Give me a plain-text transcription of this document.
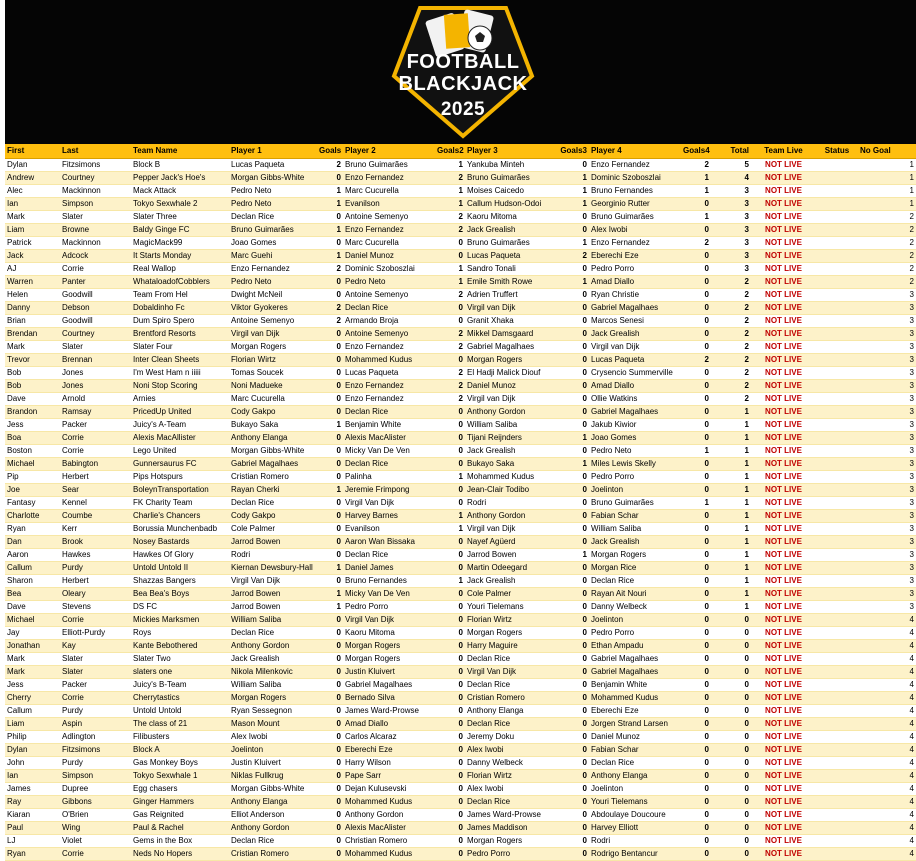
FOOTBALL
BLACKJACK
2025
First	Last	Team Name	Player 1	Goals	Player 2	Goals2	Player 3	Goals3	Player 4	Goals4	Total	Team Live	Status	No Goal
Dylan	Fitzsimons	Block B	Lucas Paqueta	2	Bruno Guimarães	1	Yankuba Minteh	0	Enzo Fernandez	2	5	NOT LIVE		1
Andrew	Courtney	Pepper Jack's Hoe's	Morgan Gibbs-White	0	Enzo Fernandez	2	Bruno Guimarães	1	Dominic Szoboszlai	1	4	NOT LIVE		1
Alec	Mackinnon	Mack Attack	Pedro Neto	1	Marc Cucurella	1	Moises Caicedo	1	Bruno Fernandes	1	3	NOT LIVE		1
Ian	Simpson	Tokyo Sexwhale 2	Pedro Neto	1	Evanilson	1	Callum Hudson-Odoi	1	Georginio Rutter	0	3	NOT LIVE		1
Mark	Slater	Slater Three	Declan Rice	0	Antoine Semenyo	2	Kaoru Mitoma	0	Bruno Guimarães	1	3	NOT LIVE		2
Liam	Browne	Baldy Ginge FC	Bruno Guimarães	1	Enzo Fernandez	2	Jack Grealish	0	Alex Iwobi	0	3	NOT LIVE		2
Patrick	Mackinnon	MagicMack99	Joao Gomes	0	Marc Cucurella	0	Bruno Guimarães	1	Enzo Fernandez	2	3	NOT LIVE		2
Jack	Adcock	It Starts Monday	Marc Guehi	1	Daniel Munoz	0	Lucas Paqueta	2	Eberechi Eze	0	3	NOT LIVE		2
AJ	Corrie	Real Wallop	Enzo Fernandez	2	Dominic Szoboszlai	1	Sandro Tonali	0	Pedro Porro	0	3	NOT LIVE		2
Warren	Panter	WhataloadofCobblers	Pedro Neto	0	Pedro Neto	1	Emile Smith Rowe	1	Amad Diallo	0	2	NOT LIVE		2
Helen	Goodwill	Team From Hel	Dwight McNeil	0	Antoine Semenyo	2	Adrien Truffert	0	Ryan Christie	0	2	NOT LIVE		3
Danny	Debson	Dobaldinho Fc	Viktor Gyokeres	2	Declan Rice	0	Virgil van Dijk	0	Gabriel Magalhaes	0	2	NOT LIVE		3
Brian	Goodwill	Dum Spiro Spero	Antoine Semenyo	2	Armando Broja	0	Granit Xhaka	0	Marcos Senesi	0	2	NOT LIVE		3
Brendan	Courtney	Brentford Resorts	Virgil van Dijk	0	Antoine Semenyo	2	Mikkel Damsgaard	0	Jack Grealish	0	2	NOT LIVE		3
Mark	Slater	Slater Four	Morgan Rogers	0	Enzo Fernandez	2	Gabriel Magalhaes	0	Virgil van Dijk	0	2	NOT LIVE		3
Trevor	Brennan	Inter Clean Sheets	Florian Wirtz	0	Mohammed Kudus	0	Morgan Rogers	0	Lucas Paqueta	2	2	NOT LIVE		3
Bob	Jones	I'm West Ham n iiiii	Tomas Soucek	0	Lucas Paqueta	2	El Hadji Malick Diouf	0	Crysencio Summerville	0	2	NOT LIVE		3
Bob	Jones	Noni Stop Scoring	Noni Madueke	0	Enzo Fernandez	2	Daniel Munoz	0	Amad Diallo	0	2	NOT LIVE		3
Dave	Arnold	Arnies	Marc Cucurella	0	Enzo Fernandez	2	Virgil van Dijk	0	Ollie Watkins	0	2	NOT LIVE		3
Brandon	Ramsay	PricedUp United	Cody Gakpo	0	Declan Rice	0	Anthony Gordon	0	Gabriel Magalhaes	0	1	NOT LIVE		3
Jess	Packer	Juicy's A-Team	Bukayo Saka	1	Benjamin White	0	William Saliba	0	Jakub Kiwior	0	1	NOT LIVE		3
Boa	Corrie	Alexis MacAllister	Anthony Elanga	0	Alexis MacAlister	0	Tijani Reijnders	1	Joao Gomes	0	1	NOT LIVE		3
Boston	Corrie	Lego United	Morgan Gibbs-White	0	Micky Van De Ven	0	Jack Grealish	0	Pedro Neto	1	1	NOT LIVE		3
Michael	Babington	Gunnersaurus FC	Gabriel Magalhaes	0	Declan Rice	0	Bukayo Saka	1	Miles Lewis Skelly	0	1	NOT LIVE		3
Pip	Herbert	Pips Hotspurs	Cristian Romero	0	Palinha	1	Mohammed Kudus	0	Pedro Porro	0	1	NOT LIVE		3
Joe	Sear	BoleynTransportation	Rayan Cherki	1	Jeremie Frimpong	0	Jean-Clair Todibo	0	Joelinton	0	1	NOT LIVE		3
Fantasy	Kennel	FK Charity Team	Declan Rice	0	Virgil Van Dijk	0	Rodri	0	Bruno Guimarães	1	1	NOT LIVE		3
Charlotte	Coumbe	Charlie's Chancers	Cody Gakpo	0	Harvey Barnes	1	Anthony Gordon	0	Fabian Schar	0	1	NOT LIVE		3
Ryan	Kerr	Borussia Munchenbadb	Cole Palmer	0	Evanilson	1	Virgil van Dijk	0	William Saliba	0	1	NOT LIVE		3
Dan	Brook	Nosey Bastards	Jarrod Bowen	0	Aaron Wan Bissaka	0	Nayef Agüerd	0	Jack Grealish	0	1	NOT LIVE		3
Aaron	Hawkes	Hawkes Of Glory	Rodri	0	Declan Rice	0	Jarrod Bowen	1	Morgan Rogers	0	1	NOT LIVE		3
Callum	Purdy	Untold Untold II	Kiernan Dewsbury-Hall	1	Daniel James	0	Martin Odeegard	0	Morgan Rice	0	1	NOT LIVE		3
Sharon	Herbert	Shazzas Bangers	Virgil Van Dijk	0	Bruno Fernandes	1	Jack Grealish	0	Declan Rice	0	1	NOT LIVE		3
Bea	Oleary	Bea Bea's Boys	Jarrod Bowen	1	Micky Van De Ven	0	Cole Palmer	0	Rayan Ait Nouri	0	1	NOT LIVE		3
Dave	Stevens	DS FC	Jarrod Bowen	1	Pedro Porro	0	Youri Tielemans	0	Danny Welbeck	0	1	NOT LIVE		3
Michael	Corrie	Mickies Marksmen	William Saliba	0	Virgil Van Dijk	0	Florian Wirtz	0	Joelinton	0	0	NOT LIVE		4
Jay	Elliott-Purdy	Roys	Declan Rice	0	Kaoru Mitoma	0	Morgan Rogers	0	Pedro Porro	0	0	NOT LIVE		4
Jonathan	Kay	Kante Bebothered	Anthony Gordon	0	Morgan Rogers	0	Harry Maguire	0	Ethan Ampadu	0	0	NOT LIVE		4
Mark	Slater	Slater Two	Jack Grealish	0	Morgan Rogers	0	Declan Rice	0	Gabriel Magalhaes	0	0	NOT LIVE		4
Mark	Slater	slaters one	Nikola Milenkovic	0	Justin Kluivert	0	Virgil Van Dijk	0	Gabriel Magalhaes	0	0	NOT LIVE		4
Jess	Packer	Juicy's B-Team	William Saliba	0	Gabriel Magalhaes	0	Declan Rice	0	Benjamin White	0	0	NOT LIVE		4
Cherry	Corrie	Cherrytastics	Morgan Rogers	0	Bernado Silva	0	Cristian Romero	0	Mohammed Kudus	0	0	NOT LIVE		4
Callum	Purdy	Untold Untold	Ryan Sessegnon	0	James Ward-Prowse	0	Anthony Elanga	0	Eberechi Eze	0	0	NOT LIVE		4
Liam	Aspin	The class of 21	Mason Mount	0	Amad Diallo	0	Declan Rice	0	Jorgen Strand Larsen	0	0	NOT LIVE		4
Philip	Adlington	Filibusters	Alex Iwobi	0	Carlos Alcaraz	0	Jeremy Doku	0	Daniel Munoz	0	0	NOT LIVE		4
Dylan	Fitzsimons	Block A	Joelinton	0	Eberechi Eze	0	Alex Iwobi	0	Fabian Schar	0	0	NOT LIVE		4
John	Purdy	Gas Monkey Boys	Justin Kluivert	0	Harry Wilson	0	Danny Welbeck	0	Declan Rice	0	0	NOT LIVE		4
Ian	Simpson	Tokyo Sexwhale 1	Niklas Fullkrug	0	Pape Sarr	0	Florian Wirtz	0	Anthony Elanga	0	0	NOT LIVE		4
James	Dupree	Egg chasers	Morgan Gibbs-White	0	Dejan Kulusevski	0	Alex Iwobi	0	Joelinton	0	0	NOT LIVE		4
Ray	Gibbons	Ginger Hammers	Anthony Elanga	0	Mohammed Kudus	0	Declan Rice	0	Youri Tielemans	0	0	NOT LIVE		4
Kiaran	O'Brien	Gas Reignited	Elliot Anderson	0	Anthony Gordon	0	James Ward-Prowse	0	Abdoulaye Doucoure	0	0	NOT LIVE		4
Paul	Wing	Paul & Rachel	Anthony Gordon	0	Alexis MacAlister	0	James Maddison	0	Harvey Elliott	0	0	NOT LIVE		4
LJ	Violet	Gems in the Box	Declan Rice	0	Christian Romero	0	Morgan Rogers	0	Rodri	0	0	NOT LIVE		4
Ryan	Corrie	Neds No Hopers	Cristian Romero	0	Mohammed Kudus	0	Pedro Porro	0	Rodrigo Bentancur	0	0	NOT LIVE		4
